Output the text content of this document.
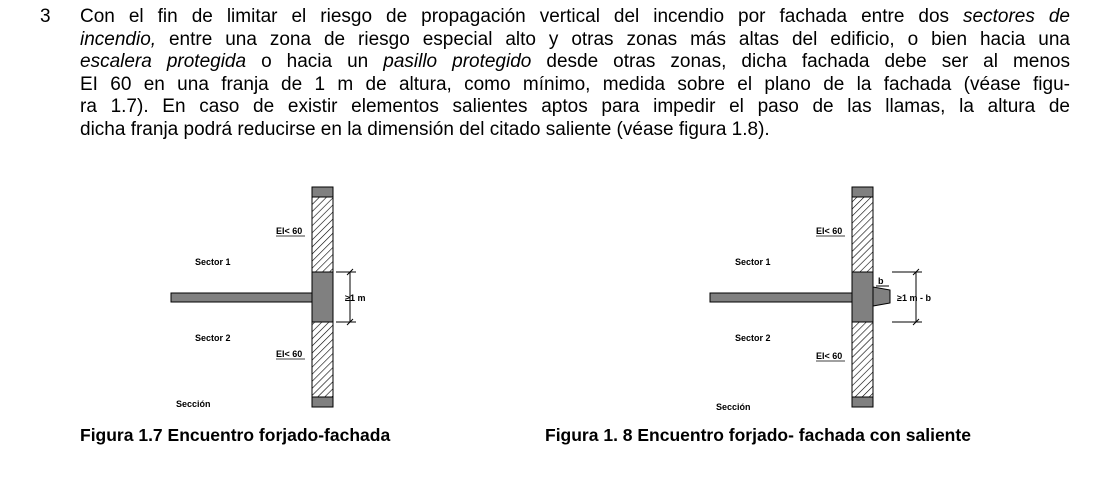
3 Con el fin de limitar el riesgo de propagación vertical del incendio por fachada entre dos sectores de
incendio, entre una zona de riesgo especial alto y otras zonas más altas del edificio, o bien hacia una
escalera protegida o hacia un pasillo protegido desde otras zonas, dicha fachada debe ser al menos
EI 60 en una franja de 1 m de altura, como mínimo, medida sobre el plano de la fachada (véase figu-
ra 1.7). En caso de existir elementos salientes aptos para impedir el paso de las llamas, la altura de
dicha franja podrá reducirse en la dimensión del citado saliente (véase figura 1.8).
EI< 60
EI< 60
Sector 1
Sector 2
≥1 m
Sección
EI< 60
EI< 60
Sector 1
Sector 2
b
≥1 m - b
Sección
Figura 1.7 Encuentro forjado-fachada	Figura 1. 8 Encuentro forjado- fachada con saliente
